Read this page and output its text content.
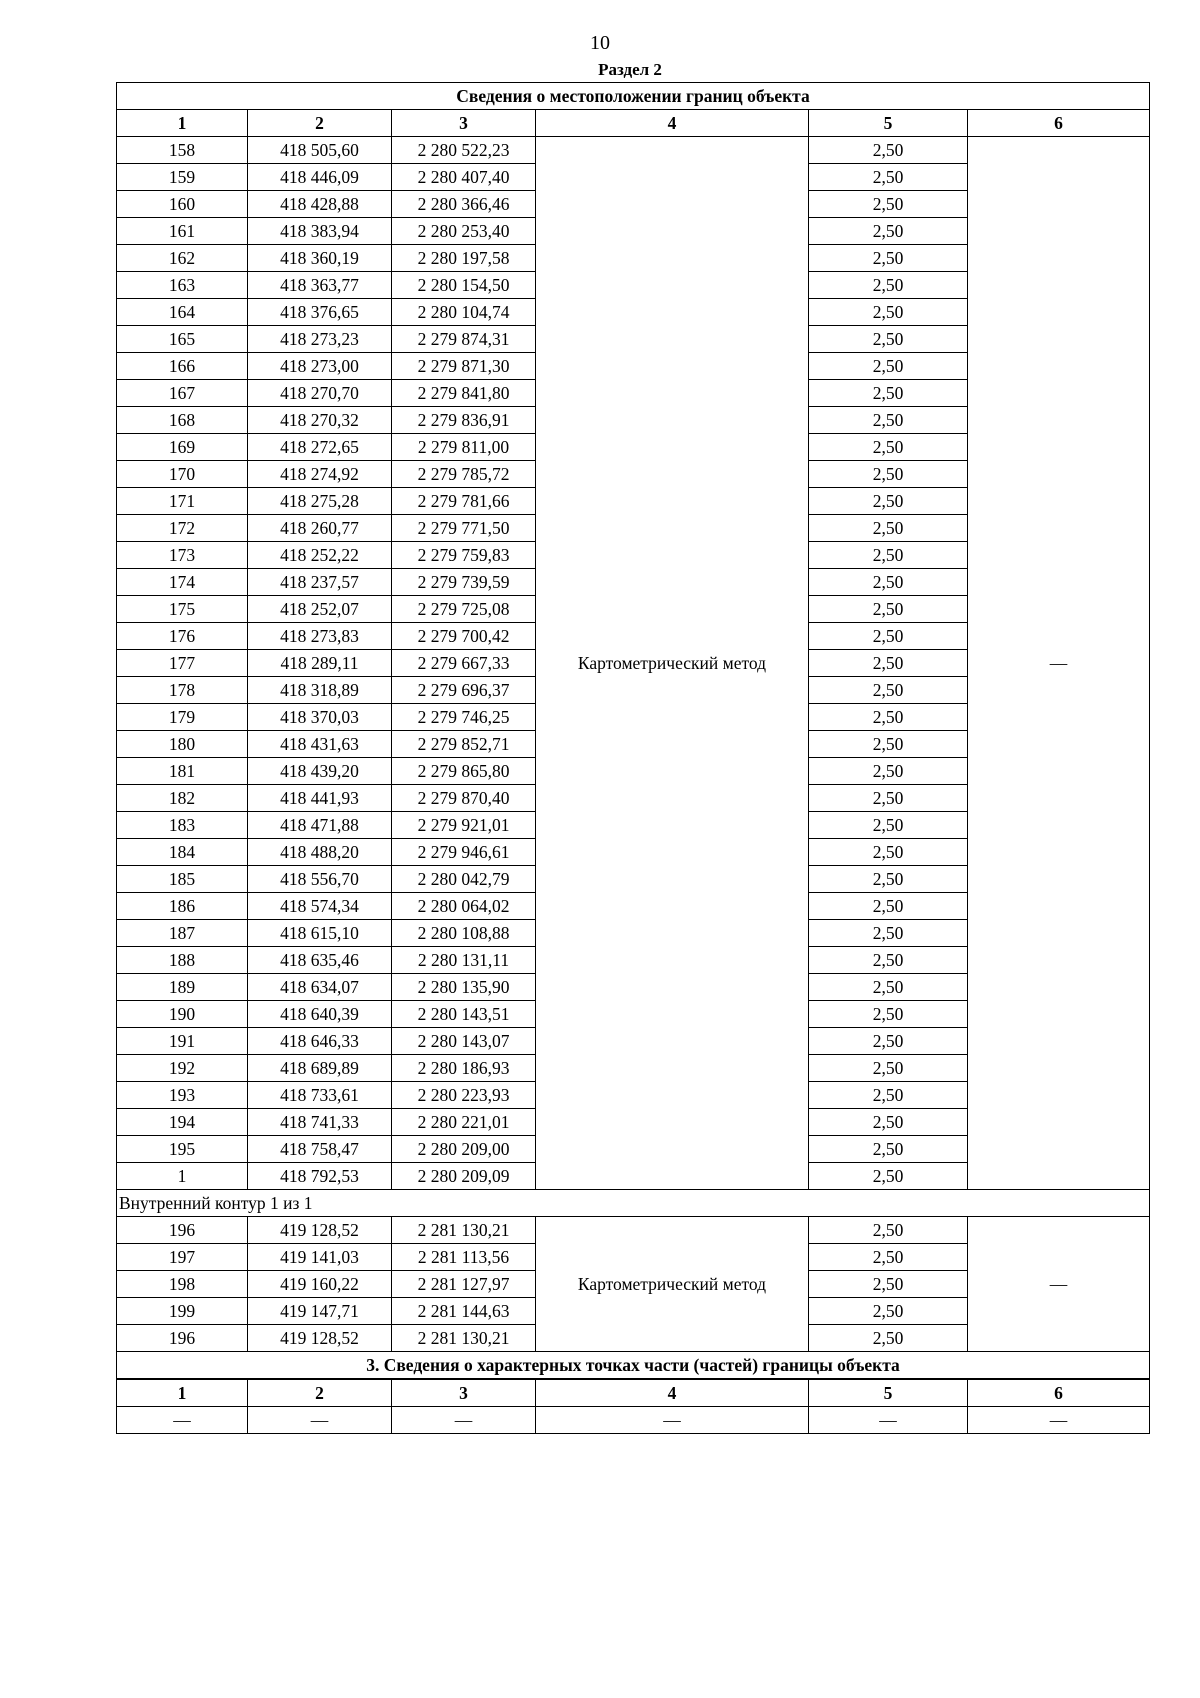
10
Раздел 2
Сведения о местоположении границ объекта					
1	2	3	4	5	6
158	418 505,60	2 280 522,23	Картометрический метод	2,50	—
159	418 446,09	2 280 407,40		2,50	
160	418 428,88	2 280 366,46		2,50	
161	418 383,94	2 280 253,40		2,50	
162	418 360,19	2 280 197,58		2,50	
163	418 363,77	2 280 154,50		2,50	
164	418 376,65	2 280 104,74		2,50	
165	418 273,23	2 279 874,31		2,50	
166	418 273,00	2 279 871,30		2,50	
167	418 270,70	2 279 841,80		2,50	
168	418 270,32	2 279 836,91		2,50	
169	418 272,65	2 279 811,00		2,50	
170	418 274,92	2 279 785,72		2,50	
171	418 275,28	2 279 781,66		2,50	
172	418 260,77	2 279 771,50		2,50	
173	418 252,22	2 279 759,83		2,50	
174	418 237,57	2 279 739,59		2,50	
175	418 252,07	2 279 725,08		2,50	
176	418 273,83	2 279 700,42		2,50	
177	418 289,11	2 279 667,33		2,50	
178	418 318,89	2 279 696,37		2,50	
179	418 370,03	2 279 746,25		2,50	
180	418 431,63	2 279 852,71		2,50	
181	418 439,20	2 279 865,80		2,50	
182	418 441,93	2 279 870,40		2,50	
183	418 471,88	2 279 921,01		2,50	
184	418 488,20	2 279 946,61		2,50	
185	418 556,70	2 280 042,79		2,50	
186	418 574,34	2 280 064,02		2,50	
187	418 615,10	2 280 108,88		2,50	
188	418 635,46	2 280 131,11		2,50	
189	418 634,07	2 280 135,90		2,50	
190	418 640,39	2 280 143,51		2,50	
191	418 646,33	2 280 143,07		2,50	
192	418 689,89	2 280 186,93		2,50	
193	418 733,61	2 280 223,93		2,50	
194	418 741,33	2 280 221,01		2,50	
195	418 758,47	2 280 209,00		2,50	
1	418 792,53	2 280 209,09		2,50	
Внутренний контур 1 из 1					
196	419 128,52	2 281 130,21	Картометрический метод	2,50	—
197	419 141,03	2 281 113,56		2,50	
198	419 160,22	2 281 127,97		2,50	
199	419 147,71	2 281 144,63		2,50	
196	419 128,52	2 281 130,21		2,50	
3. Сведения о характерных точках части (частей) границы объекта					
1	2	3	4	5	6
—	—	—	—	—	—
